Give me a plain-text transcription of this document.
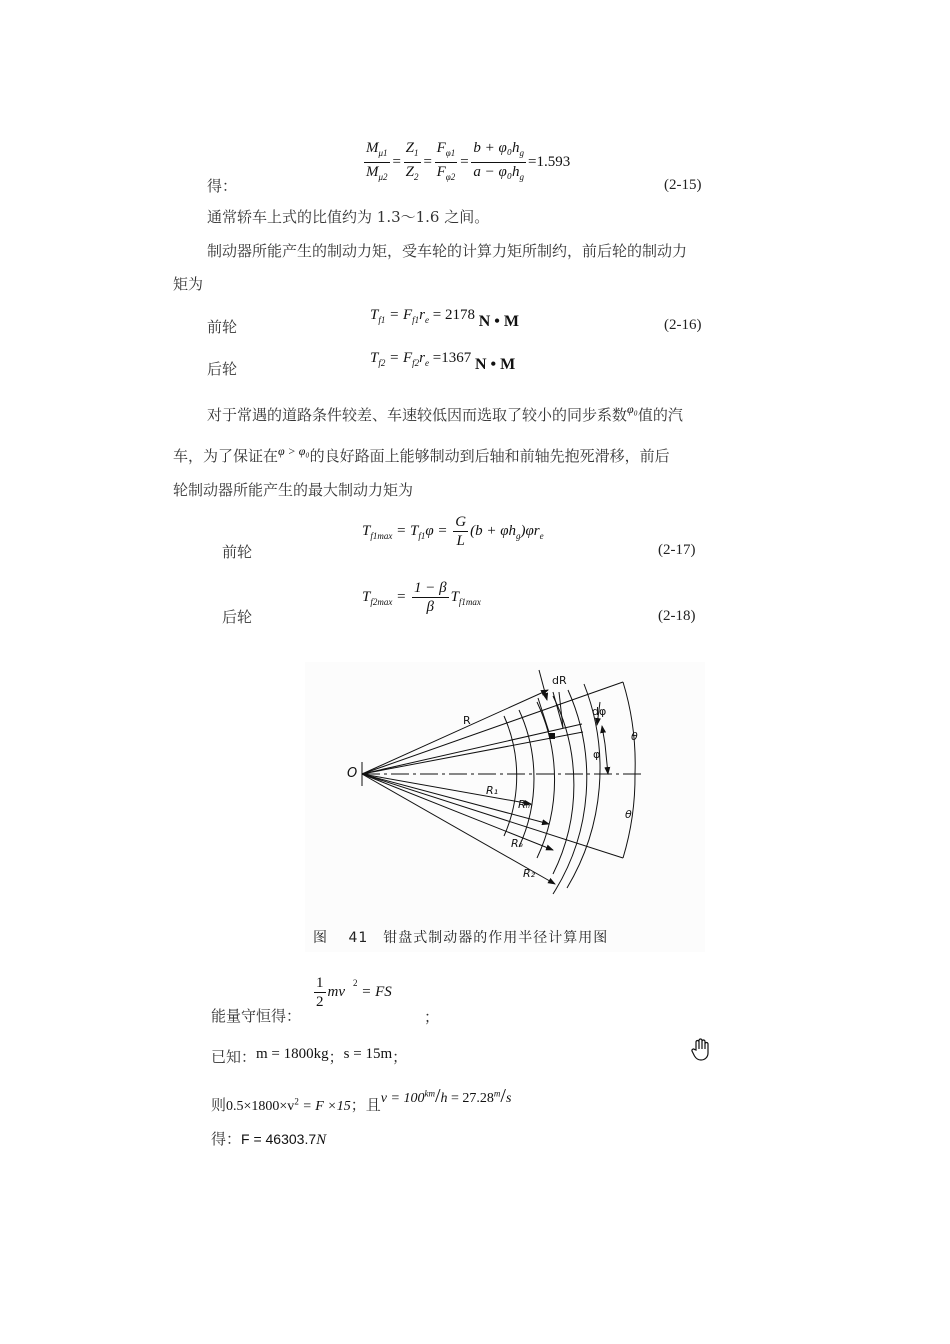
得：
$\frac{M_{\mu 1}}{M_{\mu 2}} = \frac{Z_1}{Z_2} = \frac{F_{\varphi 1}}{F_{\varphi 2}} = \frac{b + \varphi_0h_g}{a - \varphi_0h_g} =1.593$
(2-15)
通常轿车上式的比值约为 1.3～1.6 之间。
制动器所能产生的制动力矩，受车轮的计算力矩所制约，前后轮的制动力
矩为
前轮
$T_{f1} = F_{f1}r_e = 2178$ N • M	(2-16)
后轮
$T_{f2} = F_{f2}r_e =1367$ N • M
对于常遇的道路条件较差、车速较低因而选取了较小的同步系数$^{\varphi_0}$值的汽
车，为了保证在$^{\varphi > \varphi_0}$的良好路面上能够制动到后轴和前轴先抱死滑移，前后
轮制动器所能产生的最大制动力矩为
前轮
$T_{f1max} = T_{f1}\varphi = \frac{G}{L} (b + \varphi h_g)\varphi r_e$
(2-17)
后轮
$T_{f2max} = \frac{1 - \beta}{\beta} T_{f1max}$
(2-18)
O
R
dR
dφ
φ
θ
θ
R₁
Rₘ
Rₑ
R₂
图　 41　钳盘式制动器的作用半径计算用图
能量守恒得：
$\frac{1}{2} mv^2$ = FS
；
已知：m = 1800kg；s = 15m；
则$0.5\times 1800\times v^2 = F \times 15$；且$v = 100^{km}/h = 27.28^m/s$
得：F = 46303.7N
